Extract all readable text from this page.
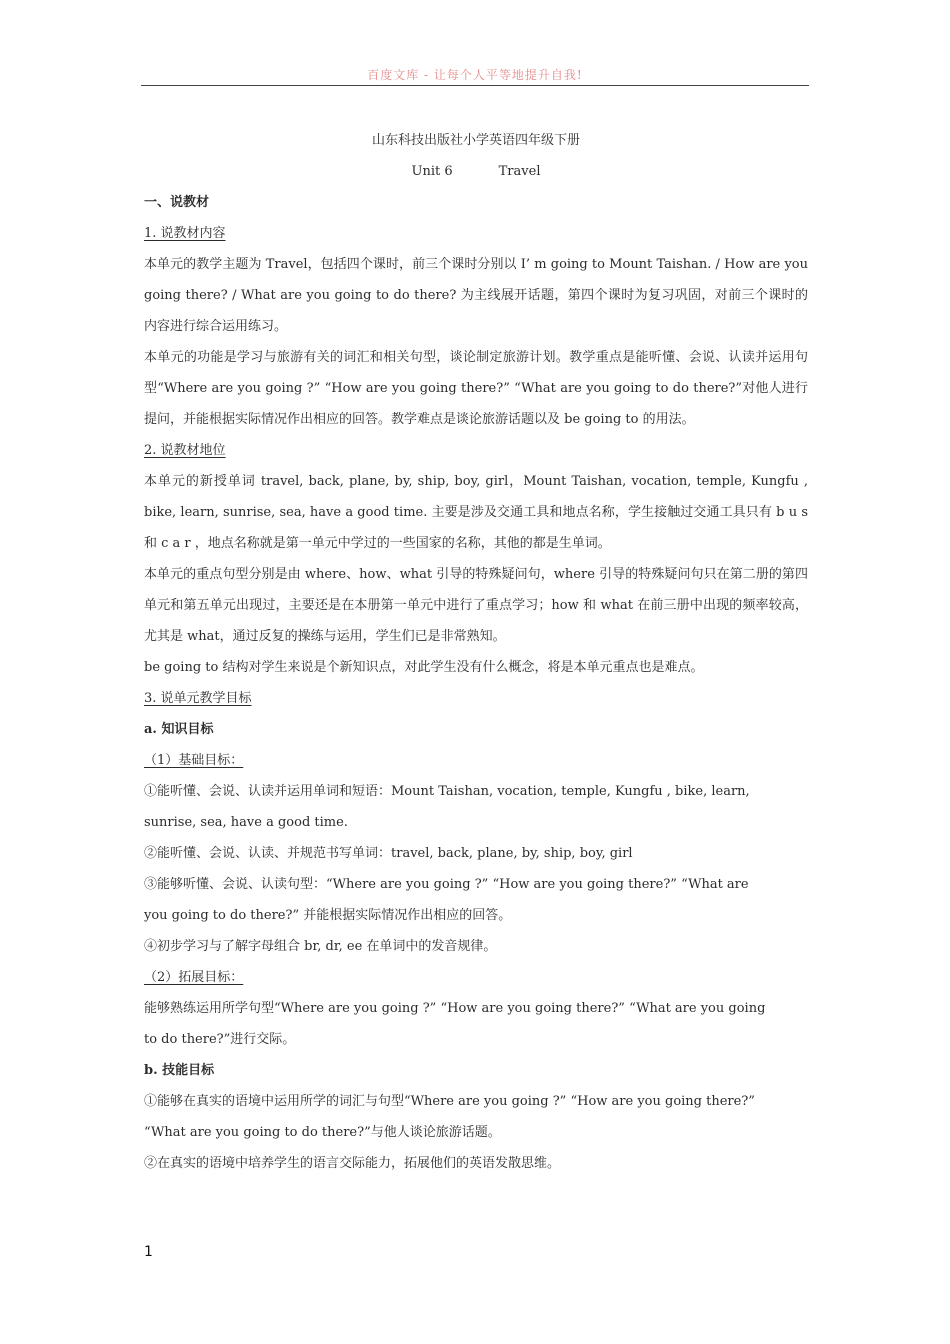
百度文库 - 让每个人平等地提升自我!
山东科技出版社小学英语四年级下册
Unit 6	Travel
一、说教材
1. 说教材内容

本单元的教学主题为 Travel，包括四个课时，前三个课时分别以 I’ m going to Mount Taishan. / How are you going there? / What are you going to do there? 为主线展开话题，第四个课时为复习巩固，对前三个课时的内容进行综合运用练习。

本单元的功能是学习与旅游有关的词汇和相关句型，谈论制定旅游计划。教学重点是能听懂、会说、认读并运用句型“Where are you going ?” “How are you going there?” “What are you going to do there?”对他人进行提问，并能根据实际情况作出相应的回答。教学难点是谈论旅游话题以及 be going to 的用法。

2. 说教材地位

本单元的新授单词 travel, back, plane, by, ship, boy, girl，Mount Taishan, vocation, temple, Kungfu , bike, learn, sunrise, sea, have a good time. 主要是涉及交通工具和地点名称，学生接触过交通工具只有 b u s 和 c a r ，地点名称就是第一单元中学过的一些国家的名称，其他的都是生单词。

本单元的重点句型分别是由 where、how、what 引导的特殊疑问句，where 引导的特殊疑问句只在第二册的第四单元和第五单元出现过，主要还是在本册第一单元中进行了重点学习；how 和 what 在前三册中出现的频率较高，尤其是 what，通过反复的操练与运用，学生们已是非常熟知。

be going to 结构对学生来说是个新知识点，对此学生没有什么概念，将是本单元重点也是难点。

3. 说单元教学目标
a. 知识目标
（1）基础目标：
①能听懂、会说、认读并运用单词和短语：Mount Taishan, vocation, temple, Kungfu , bike, learn,
sunrise, sea, have a good time.
②能听懂、会说、认读、并规范书写单词：travel, back, plane, by, ship, boy, girl
③能够听懂、会说、认读句型：“Where are you going ?” “How are you going there?” “What are
you going to do there?” 并能根据实际情况作出相应的回答。
④初步学习与了解字母组合 br, dr, ee 在单词中的发音规律。
（2）拓展目标：
能够熟练运用所学句型“Where are you going ?” “How are you going there?” “What are you going
to do there?”进行交际。
b. 技能目标
①能够在真实的语境中运用所学的词汇与句型“Where are you going ?” “How are you going there?”
“What are you going to do there?”与他人谈论旅游话题。
②在真实的语境中培养学生的语言交际能力，拓展他们的英语发散思维。
1
